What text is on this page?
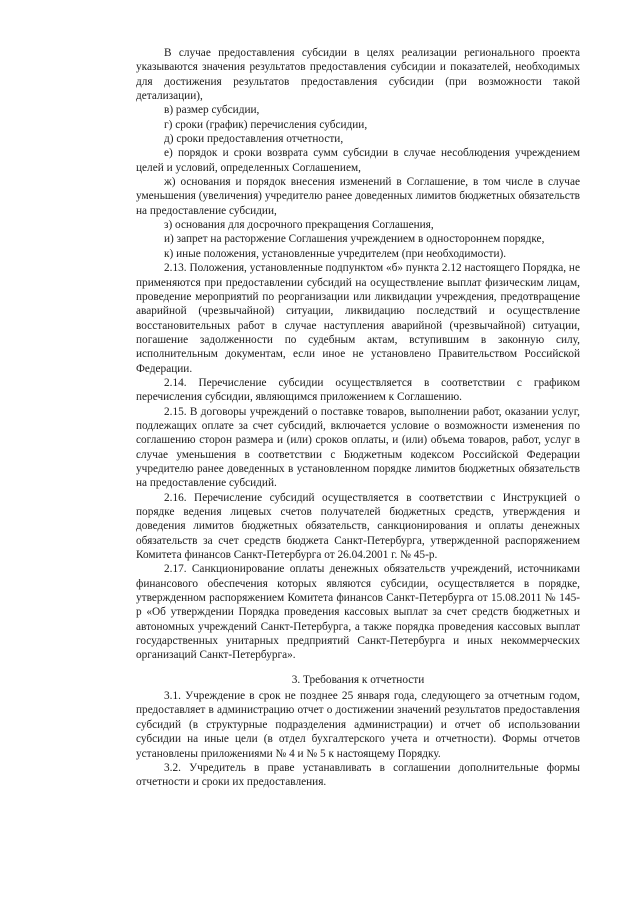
В случае предоставления субсидии в целях реализации регионального проекта указываются значения результатов предоставления субсидии и показателей, необходимых для достижения результатов предоставления субсидии (при возможности такой детализации),

в) размер субсидии,

г) сроки (график) перечисления субсидии,

д) сроки предоставления отчетности,

е) порядок и сроки возврата сумм субсидии в случае несоблюдения учреждением целей и условий, определенных Соглашением,

ж) основания и порядок внесения изменений в Соглашение, в том числе в случае уменьшения (увеличения) учредителю ранее доведенных лимитов бюджетных обязательств на предоставление субсидии,

з) основания для досрочного прекращения Соглашения,

и) запрет на расторжение Соглашения учреждением в одностороннем порядке,

к) иные положения, установленные учредителем (при необходимости).

2.13. Положения, установленные подпунктом «б» пункта 2.12 настоящего Порядка, не применяются при предоставлении субсидий на осуществление выплат физическим лицам, проведение мероприятий по реорганизации или ликвидации учреждения, предотвращение аварийной (чрезвычайной) ситуации, ликвидацию последствий и осуществление восстановительных работ в случае наступления аварийной (чрезвычайной) ситуации, погашение задолженности по судебным актам, вступившим в законную силу, исполнительным документам, если иное не установлено Правительством Российской Федерации.

2.14. Перечисление субсидии осуществляется в соответствии с графиком перечисления субсидии, являющимся приложением к Соглашению.

2.15. В договоры учреждений о поставке товаров, выполнении работ, оказании услуг, подлежащих оплате за счет субсидий, включается условие о возможности изменения по соглашению сторон размера и (или) сроков оплаты, и (или) объема товаров, работ, услуг в случае уменьшения в соответствии с Бюджетным кодексом Российской Федерации учредителю ранее доведенных в установленном порядке лимитов бюджетных обязательств на предоставление субсидий.

2.16. Перечисление субсидий осуществляется в соответствии с Инструкцией о порядке ведения лицевых счетов получателей бюджетных средств, утверждения и доведения лимитов бюджетных обязательств, санкционирования и оплаты денежных обязательств за счет средств бюджета Санкт-Петербурга, утвержденной распоряжением Комитета финансов Санкт-Петербурга от 26.04.2001 г. № 45-р.

2.17. Санкционирование оплаты денежных обязательств учреждений, источниками финансового обеспечения которых являются субсидии, осуществляется в порядке, утвержденном распоряжением Комитета финансов Санкт-Петербурга от 15.08.2011 № 145-р «Об утверждении Порядка проведения кассовых выплат за счет средств бюджетных и автономных учреждений Санкт-Петербурга, а также порядка проведения кассовых выплат государственных унитарных предприятий Санкт-Петербурга и иных некоммерческих организаций Санкт-Петербурга».

3. Требования к отчетности

3.1. Учреждение в срок не позднее 25 января года, следующего за отчетным годом, предоставляет в администрацию отчет о достижении значений результатов предоставления субсидий (в структурные подразделения администрации) и отчет об использовании субсидии на иные цели (в отдел бухгалтерского учета и отчетности). Формы отчетов установлены приложениями № 4 и № 5 к настоящему Порядку.

3.2. Учредитель в праве устанавливать в соглашении дополнительные формы отчетности и сроки их предоставления.
